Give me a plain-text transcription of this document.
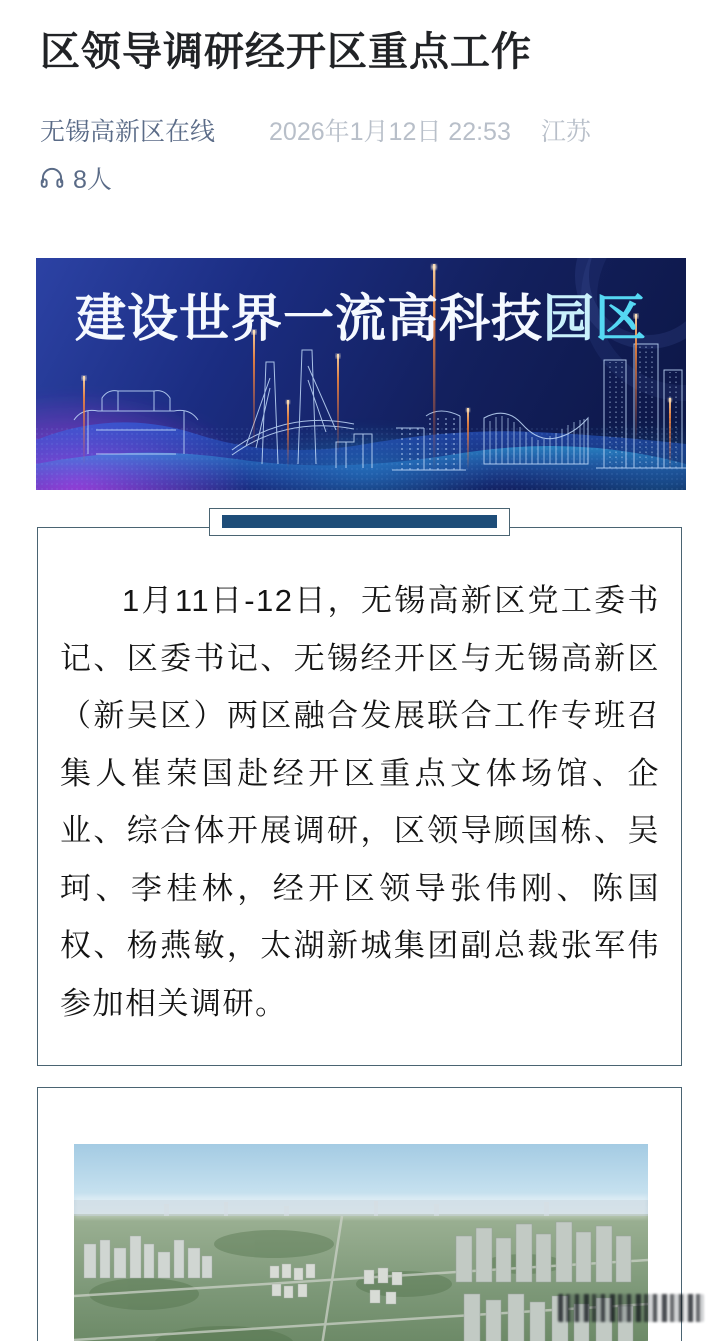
区领导调研经开区重点工作
无锡高新区在线 2026年1月12日 22:53 江苏
8人
建设世界一流高科技园区

1月11日-12日，无锡高新区党工委书记、区委书记、无锡经开区与无锡高新区（新吴区）两区融合发展联合工作专班召集人崔荣国赴经开区重点文体场馆、企业、综合体开展调研，区领导顾国栋、吴珂、李桂林，经开区领导张伟刚、陈国权、杨燕敏，太湖新城集团副总裁张军伟参加相关调研。
